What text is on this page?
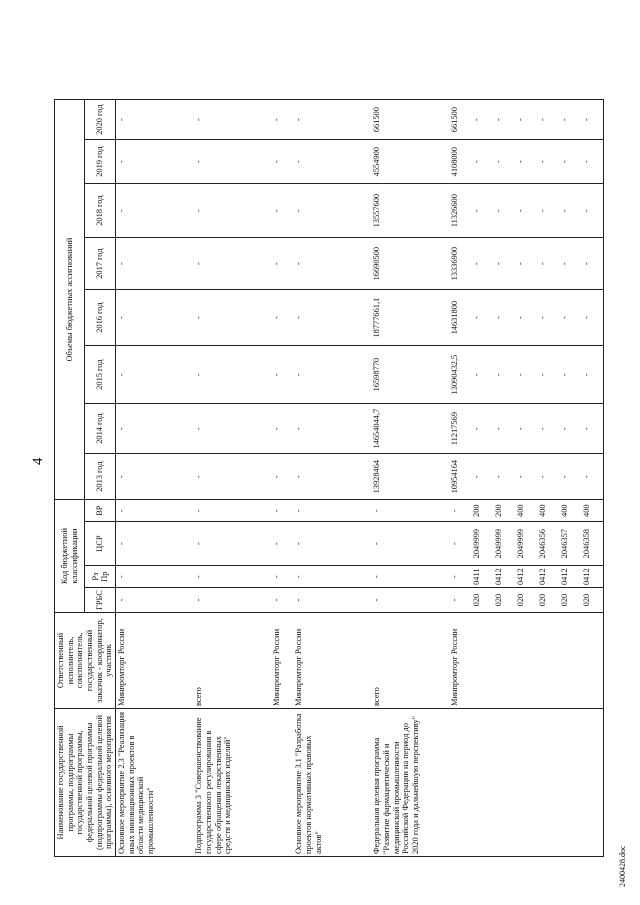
4
Наименование государственной программы, подпрограммы государственной программы, федеральной целевой программы (подпрограммы федеральной целевой программы), основного мероприятия	Ответственный исполнитель, соисполнитель, государственный заказчик - координатор, участник	Код бюджетной классификации				Объемы бюджетных ассигнований							
		ГРБС	Рз Пр	ЦСР	ВР	2013 год	2014 год	2015 год	2016 год	2017 год	2018 год	2019 год	2020 год
Основное мероприятие 2.3 "Реализация иных инновационных проектов в области медицинской промышленности"	Минпромторг России	-	-	-	-	-	-	-	-	-	-	-	-
Подпрограмма 3 "Совершенствование государственного регулирования в сфере обращения лекарственных средств и медицинских изделий"	всего	-	-	-	-	-	-	-	-	-	-	-	-
	Минпромторг России	-	-	-	-	-	-	-	-	-	-	-	-
Основное мероприятие 3.1 "Разработка проектов нормативных правовых актов"	Минпромторг России	-	-	-	-	-	-	-	-	-	-	-	-
Федеральная целевая программа "Развитие фармацевтической и медицинской промышленности Российской Федерации на период до 2020 года и дальнейшую перспективу"	всего	-	-	-	-	13928464	14654044,7	16598770	18777661,1	16690500	13557600	4554900	661500
	Минпромторг России	-	-	-	-	10954164	11217569	13090432,5	14631800	13336900	11326600	4108000	661500
		020	0411	2049999	200	-	-	-	-	-	-	-	-
		020	0412	2049999	200	-	-	-	-	-	-	-	-
		020	0412	2049999	400	-	-	-	-	-	-	-	-
		020	0412	2046356	400	-	-	-	-	-	-	-	-
		020	0412	2046357	400	-	-	-	-	-	-	-	-
		020	0412	2046358	400	-	-	-	-	-	-	-	-
2400428.doc
